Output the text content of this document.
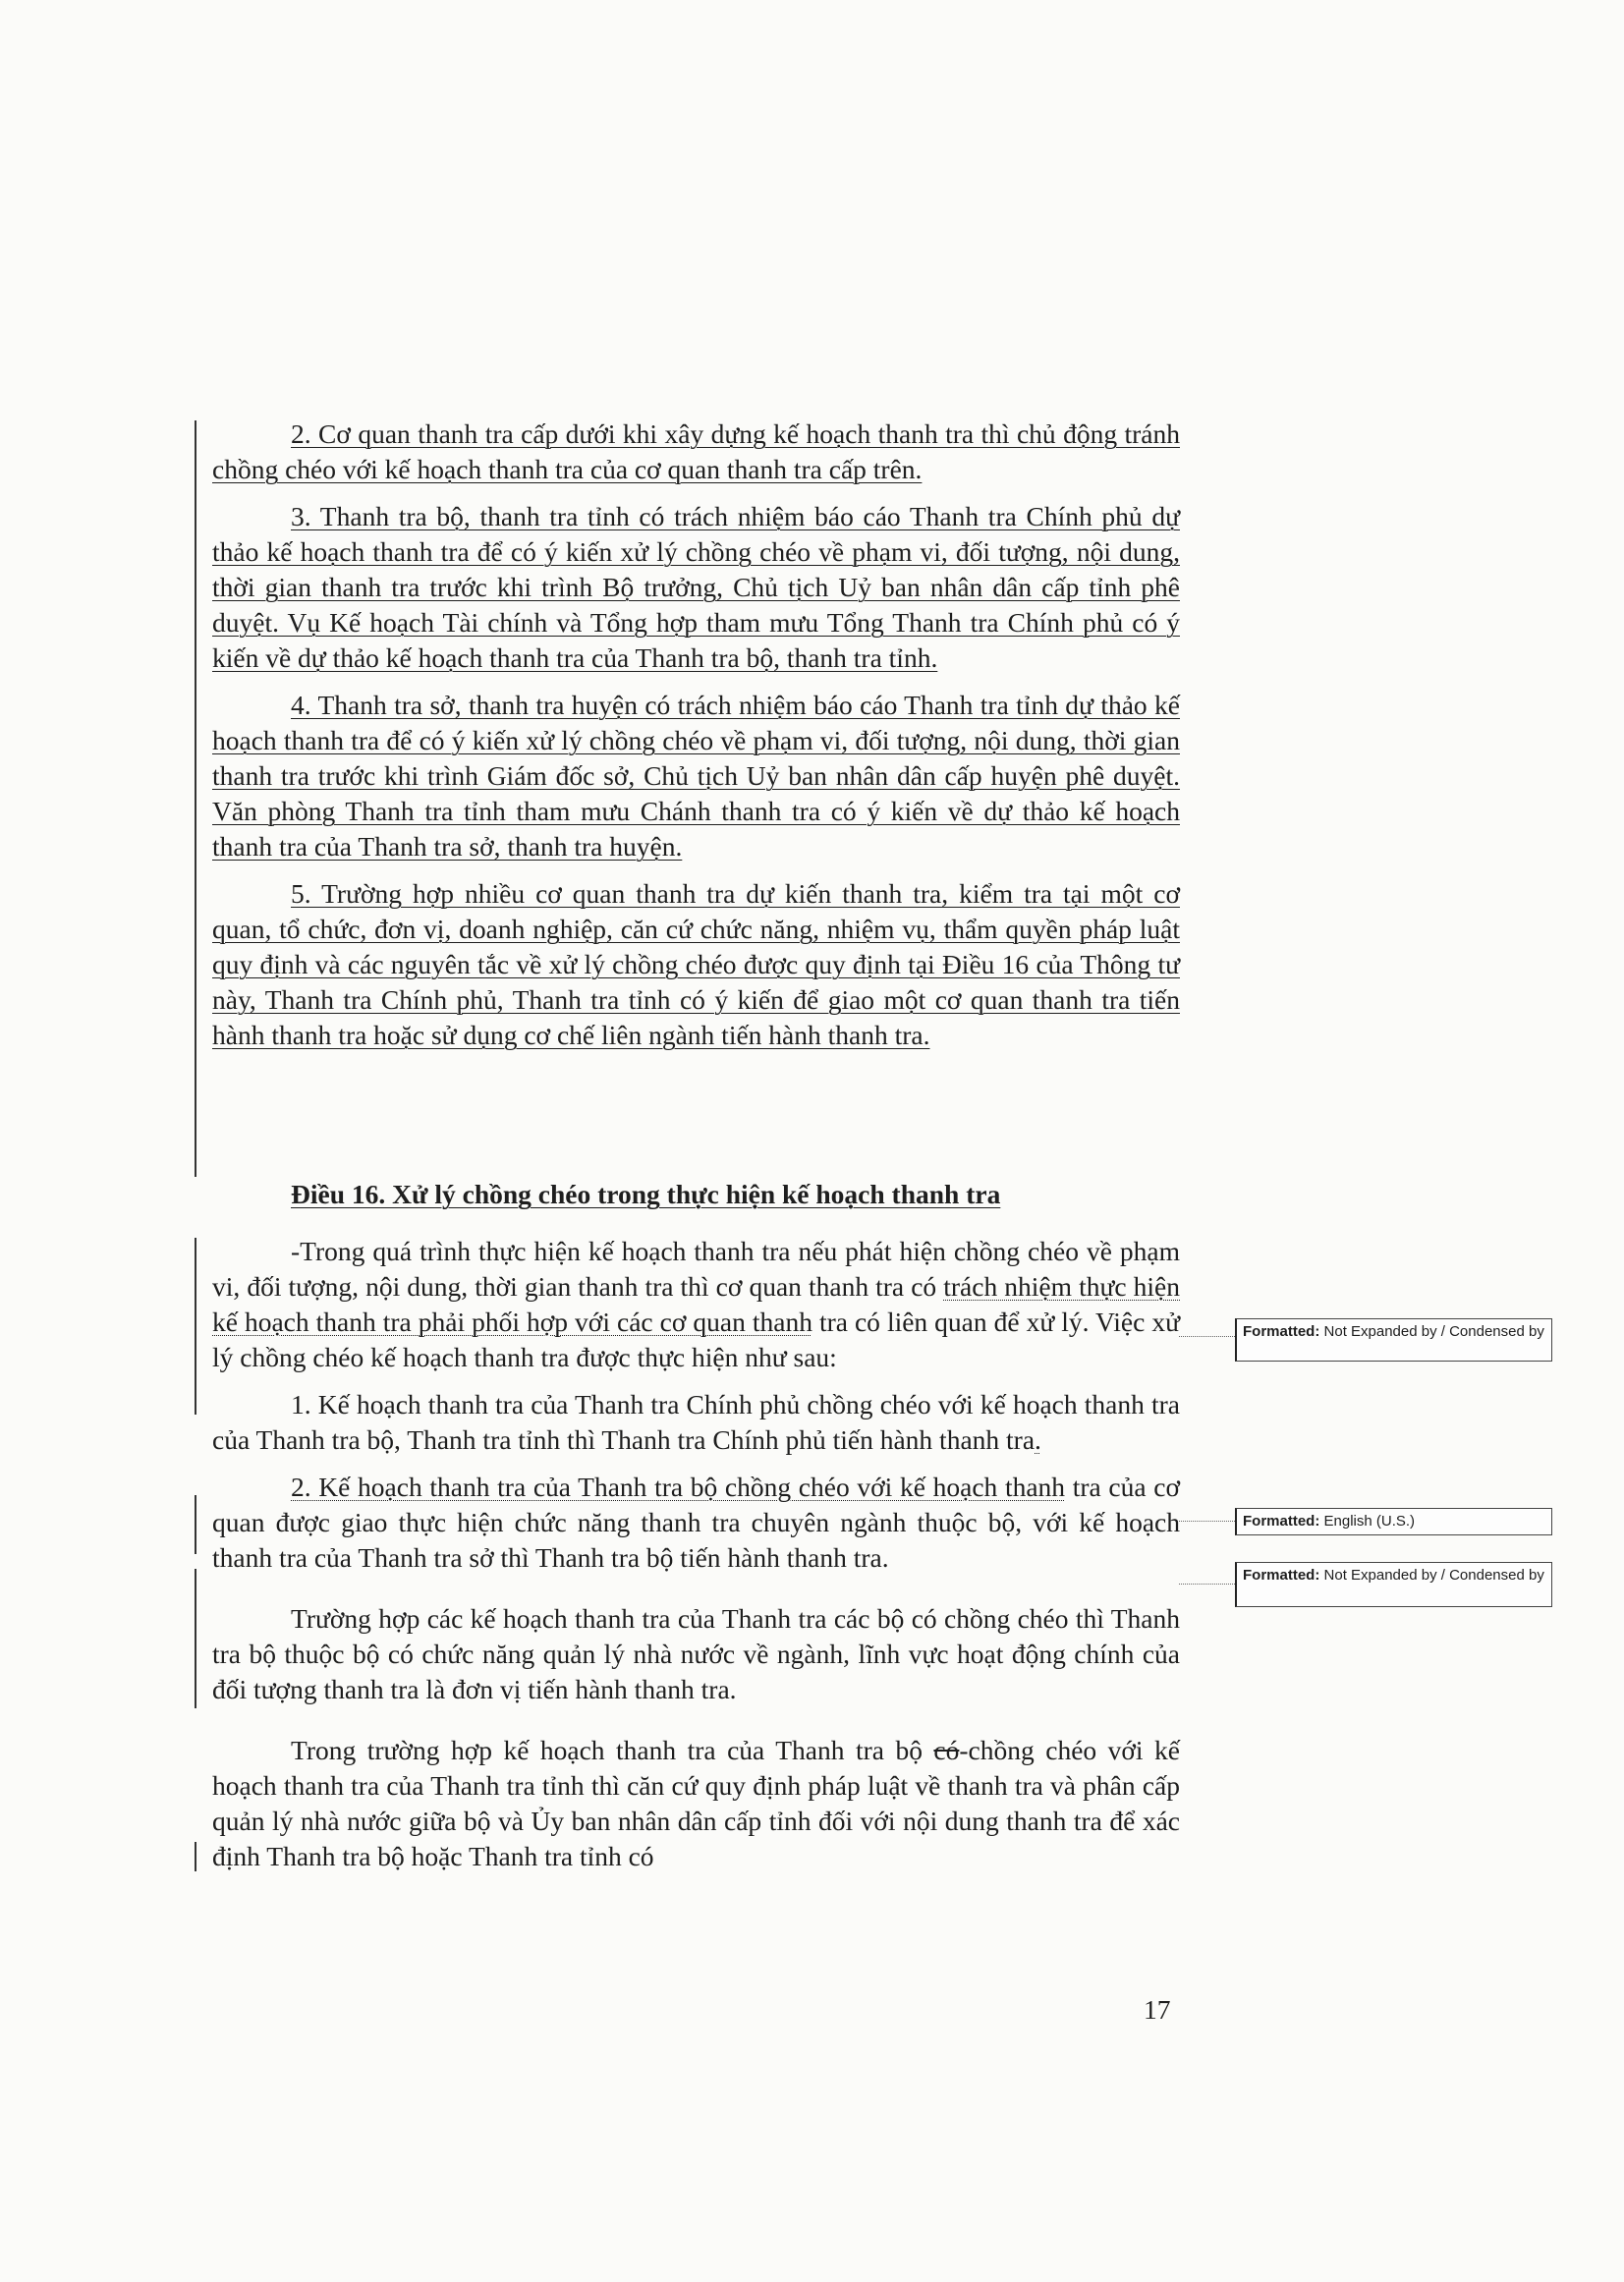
2. Cơ quan thanh tra cấp dưới khi xây dựng kế hoạch thanh tra thì chủ động tránh chồng chéo với kế hoạch thanh tra của cơ quan thanh tra cấp trên.

3. Thanh tra bộ, thanh tra tỉnh có trách nhiệm báo cáo Thanh tra Chính phủ dự thảo kế hoạch thanh tra để có ý kiến xử lý chồng chéo về phạm vi, đối tượng, nội dung, thời gian thanh tra trước khi trình Bộ trưởng, Chủ tịch Uỷ ban nhân dân cấp tỉnh phê duyệt. Vụ Kế hoạch Tài chính và Tổng hợp tham mưu Tổng Thanh tra Chính phủ có ý kiến về dự thảo kế hoạch thanh tra của Thanh tra bộ, thanh tra tỉnh.

4. Thanh tra sở, thanh tra huyện có trách nhiệm báo cáo Thanh tra tỉnh dự thảo kế hoạch thanh tra để có ý kiến xử lý chồng chéo về phạm vi, đối tượng, nội dung, thời gian thanh tra trước khi trình Giám đốc sở, Chủ tịch Uỷ ban nhân dân cấp huyện phê duyệt. Văn phòng Thanh tra tỉnh tham mưu Chánh thanh tra có ý kiến về dự thảo kế hoạch thanh tra của Thanh tra sở, thanh tra huyện.

5. Trường hợp nhiều cơ quan thanh tra dự kiến thanh tra, kiểm tra tại một cơ quan, tổ chức, đơn vị, doanh nghiệp, căn cứ chức năng, nhiệm vụ, thẩm quyền pháp luật quy định và các nguyên tắc về xử lý chồng chéo được quy định tại Điều 16 của Thông tư này, Thanh tra Chính phủ, Thanh tra tỉnh có ý kiến để giao một cơ quan thanh tra tiến hành thanh tra hoặc sử dụng cơ chế liên ngành tiến hành thanh tra.

Điều 16. Xử lý chồng chéo trong thực hiện kế hoạch thanh tra

-Trong quá trình thực hiện kế hoạch thanh tra nếu phát hiện chồng chéo về phạm vi, đối tượng, nội dung, thời gian thanh tra thì cơ quan thanh tra có trách nhiệm thực hiện kế hoạch thanh tra phải phối hợp với các cơ quan thanh tra có liên quan để xử lý. Việc xử lý chồng chéo kế hoạch thanh tra được thực hiện như sau:

1. Kế hoạch thanh tra của Thanh tra Chính phủ chồng chéo với kế hoạch thanh tra của Thanh tra bộ, Thanh tra tỉnh thì Thanh tra Chính phủ tiến hành thanh tra.

2. Kế hoạch thanh tra của Thanh tra bộ chồng chéo với kế hoạch thanh tra của cơ quan được giao thực hiện chức năng thanh tra chuyên ngành thuộc bộ, với kế hoạch thanh tra của Thanh tra sở thì Thanh tra bộ tiến hành thanh tra.

Trường hợp các kế hoạch thanh tra của Thanh tra các bộ có chồng chéo thì Thanh tra bộ thuộc bộ có chức năng quản lý nhà nước về ngành, lĩnh vực hoạt động chính của đối tượng thanh tra là đơn vị tiến hành thanh tra.

Trong trường hợp kế hoạch thanh tra của Thanh tra bộ có-chồng chéo với kế hoạch thanh tra của Thanh tra tỉnh thì căn cứ quy định pháp luật về thanh tra và phân cấp quản lý nhà nước giữa bộ và Ủy ban nhân dân cấp tỉnh đối với nội dung thanh tra để xác định Thanh tra bộ hoặc Thanh tra tỉnh có

Formatted: Not Expanded by / Condensed by
Formatted: English (U.S.)
Formatted: Not Expanded by / Condensed by
17
